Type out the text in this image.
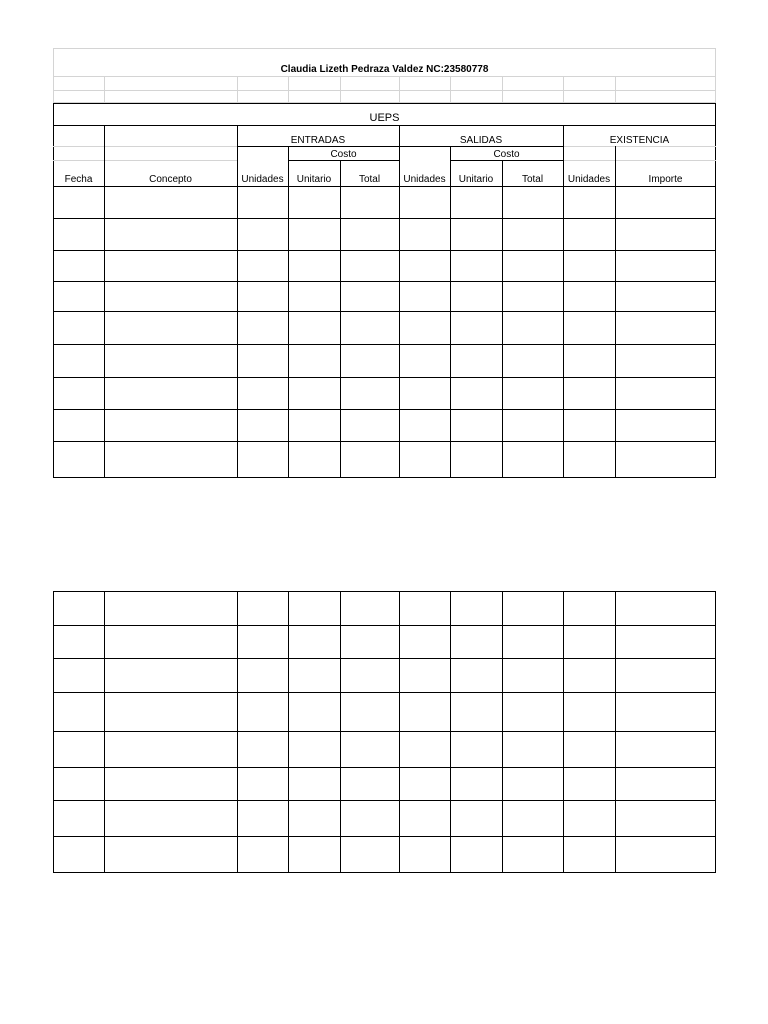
Claudia Lizeth Pedraza Valdez NC:23580778
UEPS
ENTRADAS	SALIDAS	EXISTENCIA
Costo	Costo
Fecha	Concepto	Unidades	Unitario	Total	Unidades	Unitario	Total	Unidades	Importe
